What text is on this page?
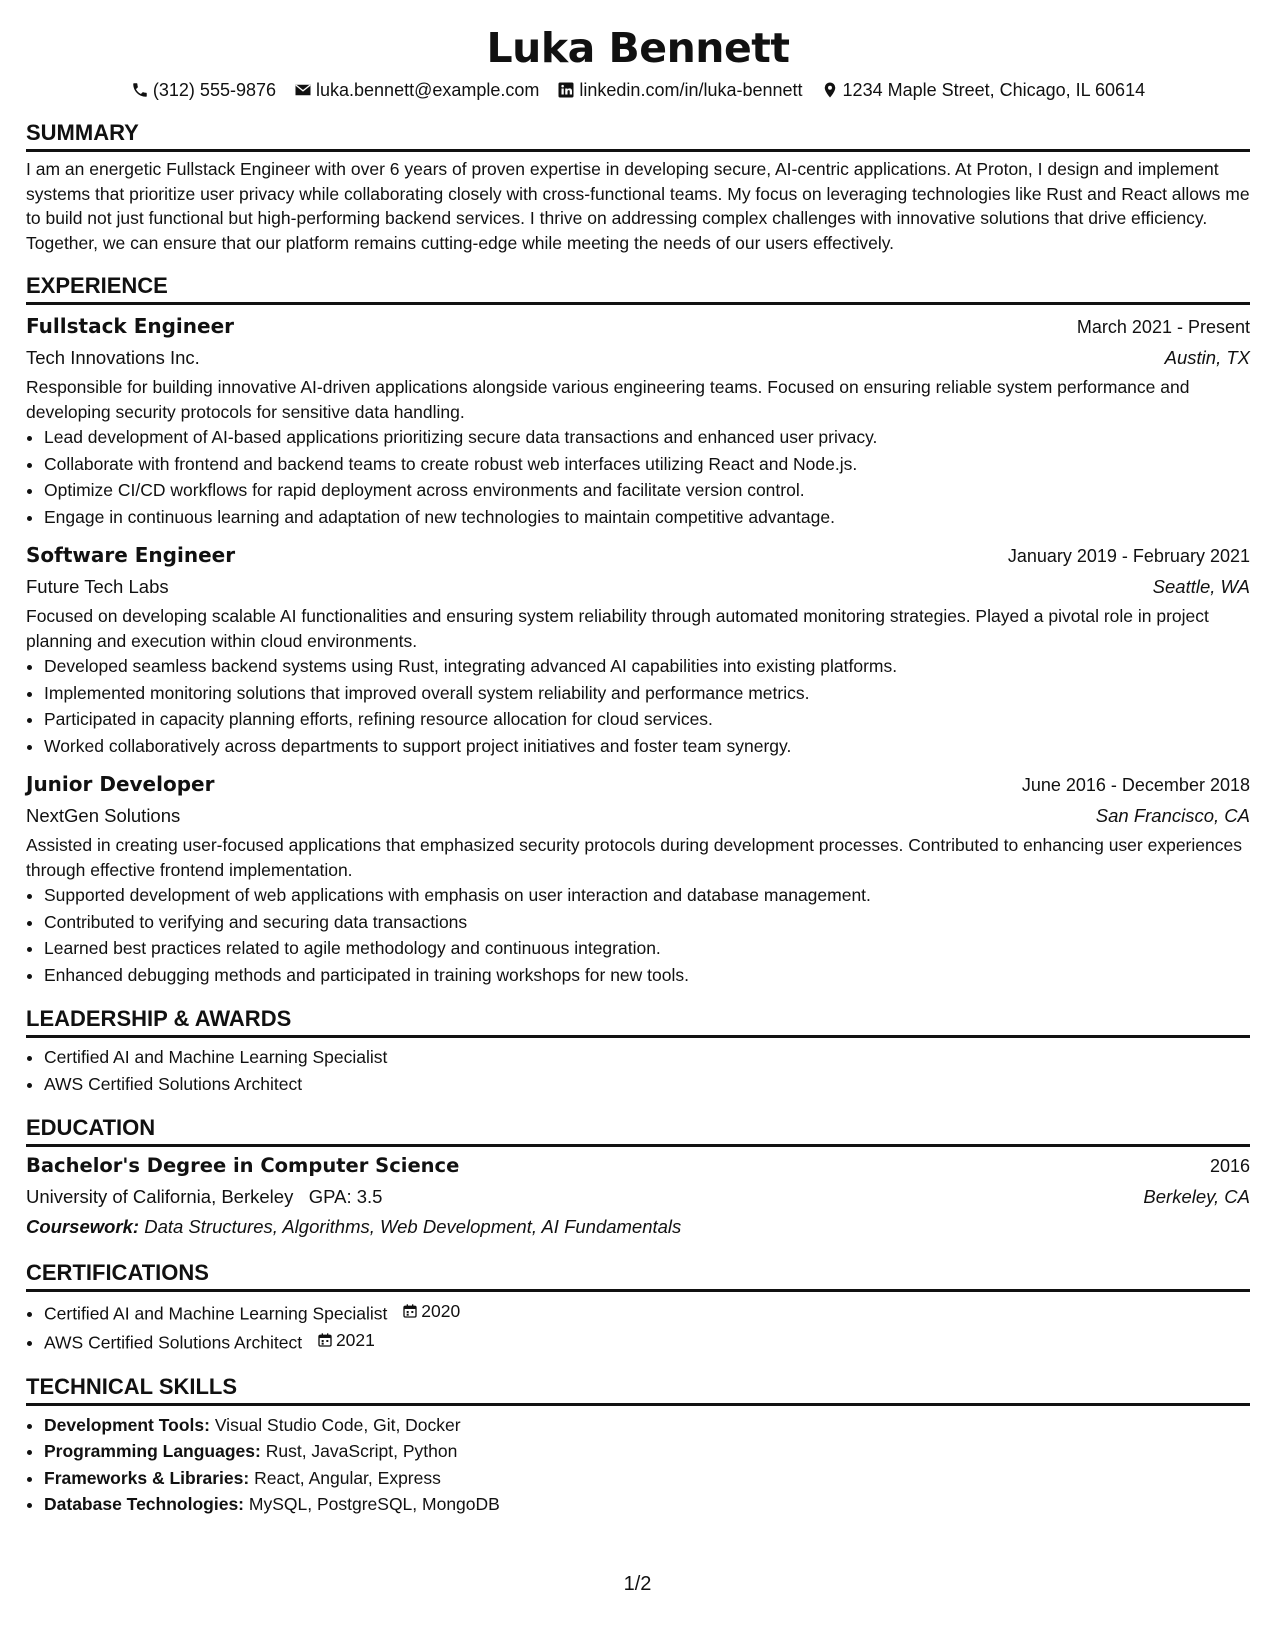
Luka Bennett
(312) 555-9876 luka.bennett@example.com linkedin.com/in/luka-bennett 1234 Maple Street, Chicago, IL 60614
SUMMARY
I am an energetic Fullstack Engineer with over 6 years of proven expertise in developing secure, AI-centric applications. At Proton, I design and implement systems that prioritize user privacy while collaborating closely with cross-functional teams. My focus on leveraging technologies like Rust and React allows me to build not just functional but high-performing backend services. I thrive on addressing complex challenges with innovative solutions that drive efficiency. Together, we can ensure that our platform remains cutting-edge while meeting the needs of our users effectively.
EXPERIENCE
Fullstack Engineer	March 2021 - Present
Tech Innovations Inc.	Austin, TX
Responsible for building innovative AI-driven applications alongside various engineering teams. Focused on ensuring reliable system performance and developing security protocols for sensitive data handling.
• Lead development of AI-based applications prioritizing secure data transactions and enhanced user privacy.
• Collaborate with frontend and backend teams to create robust web interfaces utilizing React and Node.js.
• Optimize CI/CD workflows for rapid deployment across environments and facilitate version control.
• Engage in continuous learning and adaptation of new technologies to maintain competitive advantage.
Software Engineer	January 2019 - February 2021
Future Tech Labs	Seattle, WA
Focused on developing scalable AI functionalities and ensuring system reliability through automated monitoring strategies. Played a pivotal role in project planning and execution within cloud environments.
• Developed seamless backend systems using Rust, integrating advanced AI capabilities into existing platforms.
• Implemented monitoring solutions that improved overall system reliability and performance metrics.
• Participated in capacity planning efforts, refining resource allocation for cloud services.
• Worked collaboratively across departments to support project initiatives and foster team synergy.
Junior Developer	June 2016 - December 2018
NextGen Solutions	San Francisco, CA
Assisted in creating user-focused applications that emphasized security protocols during development processes. Contributed to enhancing user experiences through effective frontend implementation.
• Supported development of web applications with emphasis on user interaction and database management.
• Contributed to verifying and securing data transactions
• Learned best practices related to agile methodology and continuous integration.
• Enhanced debugging methods and participated in training workshops for new tools.
LEADERSHIP & AWARDS
• Certified AI and Machine Learning Specialist
• AWS Certified Solutions Architect
EDUCATION
Bachelor's Degree in Computer Science	2016
University of California, Berkeley GPA: 3.5	Berkeley, CA
Coursework: Data Structures, Algorithms, Web Development, AI Fundamentals
CERTIFICATIONS
• Certified AI and Machine Learning Specialist 2020
• AWS Certified Solutions Architect 2021
TECHNICAL SKILLS
• Development Tools: Visual Studio Code, Git, Docker
• Programming Languages: Rust, JavaScript, Python
• Frameworks & Libraries: React, Angular, Express
• Database Technologies: MySQL, PostgreSQL, MongoDB
1/2
